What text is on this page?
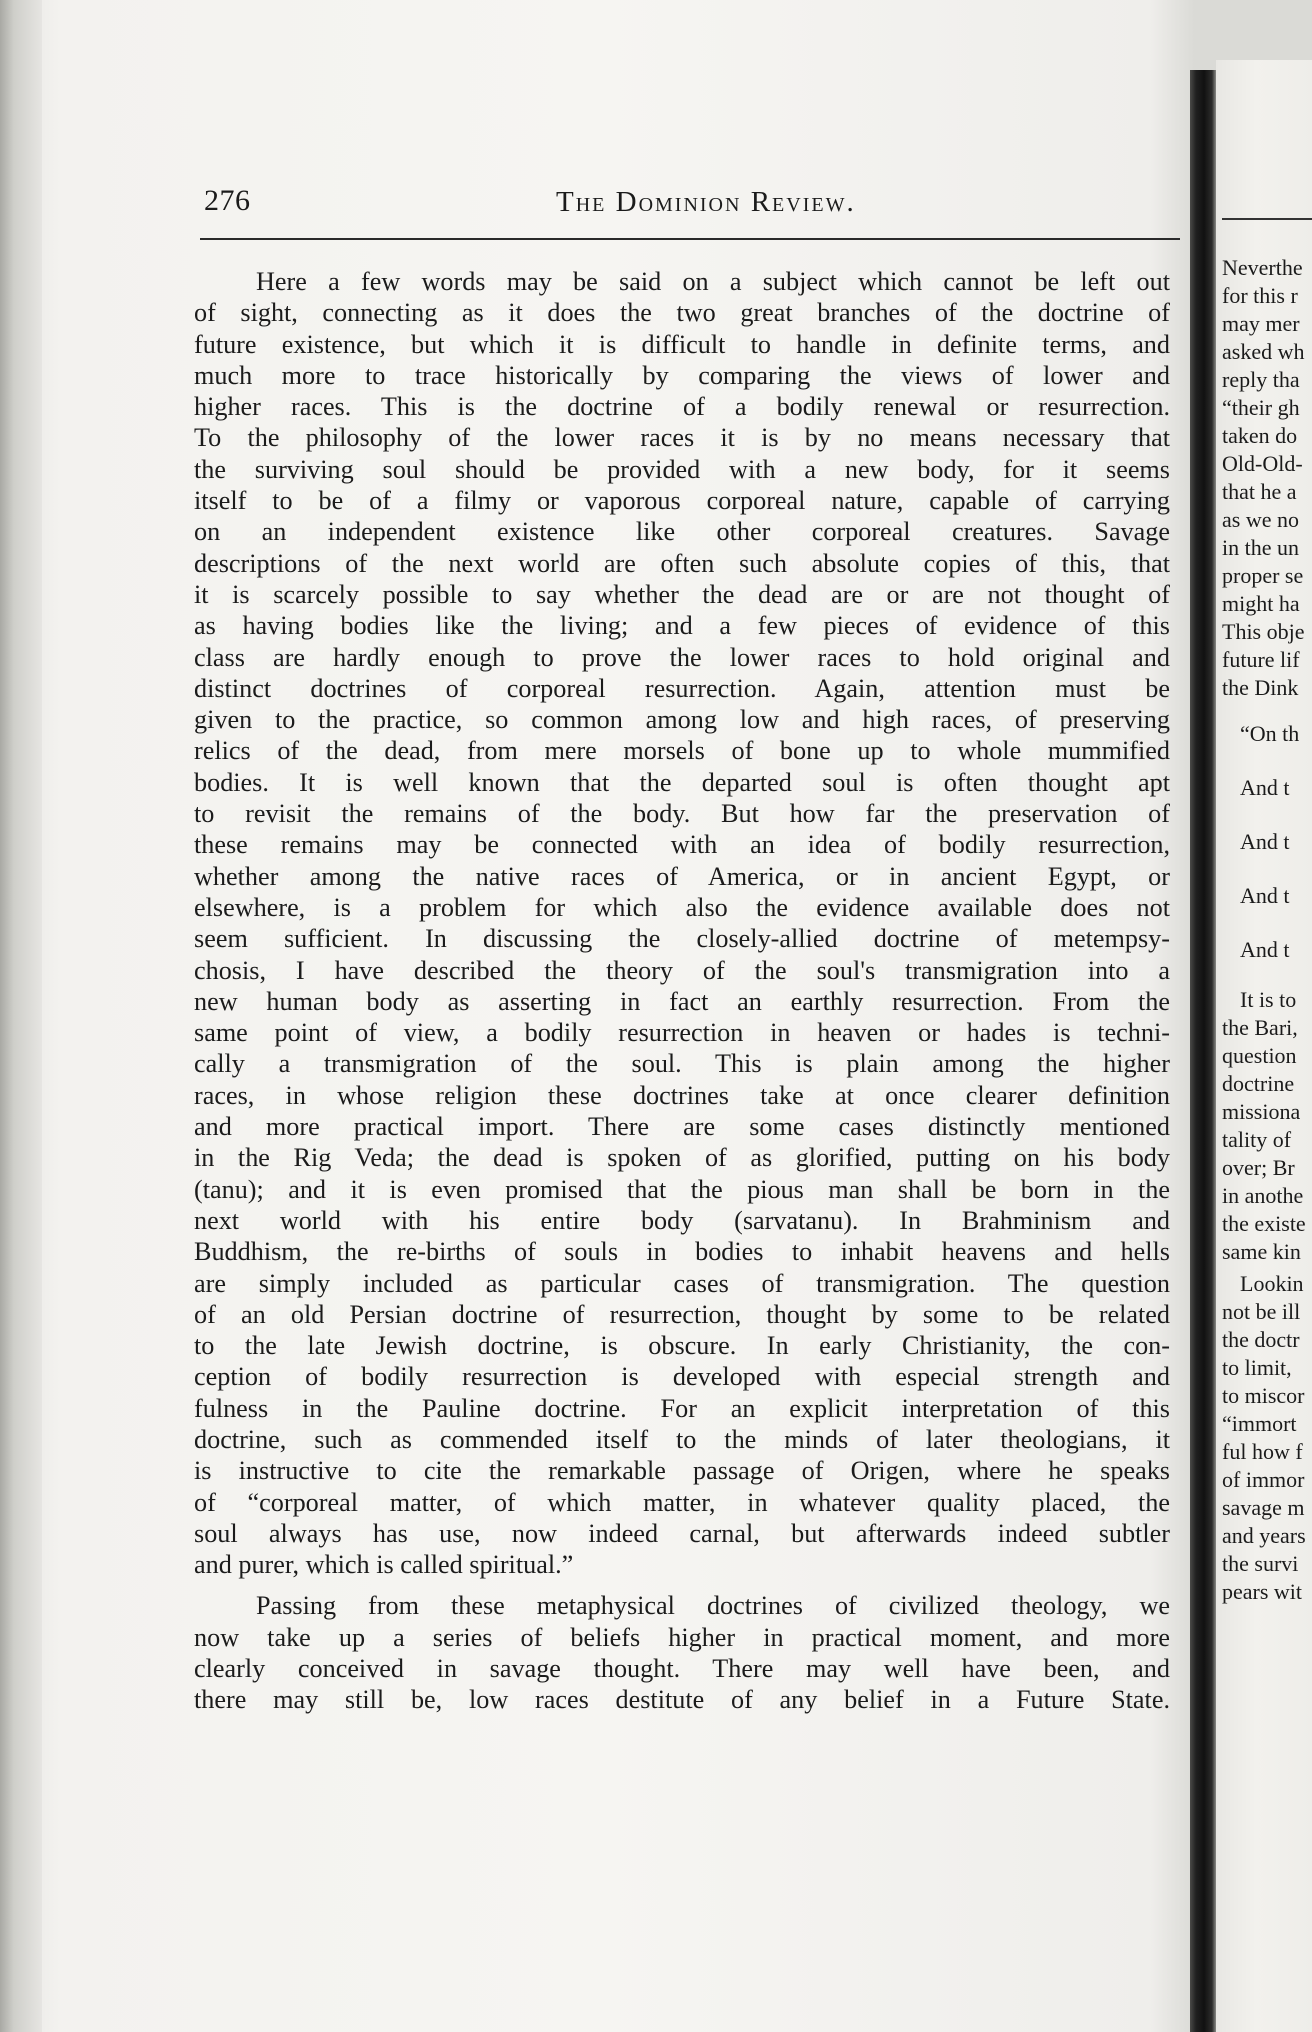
276	The Dominion Review.
Here a few words may be said on a subject which cannot be left out
of sight, connecting as it does the two great branches of the doctrine of
future existence, but which it is difficult to handle in definite terms, and
much more to trace historically by comparing the views of lower and
higher races. This is the doctrine of a bodily renewal or resurrection.
To the philosophy of the lower races it is by no means necessary that
the surviving soul should be provided with a new body, for it seems
itself to be of a filmy or vaporous corporeal nature, capable of carrying
on an independent existence like other corporeal creatures. Savage
descriptions of the next world are often such absolute copies of this, that
it is scarcely possible to say whether the dead are or are not thought of
as having bodies like the living; and a few pieces of evidence of this
class are hardly enough to prove the lower races to hold original and
distinct doctrines of corporeal resurrection. Again, attention must be
given to the practice, so common among low and high races, of preserving
relics of the dead, from mere morsels of bone up to whole mummified
bodies. It is well known that the departed soul is often thought apt
to revisit the remains of the body. But how far the preservation of
these remains may be connected with an idea of bodily resurrection,
whether among the native races of America, or in ancient Egypt, or
elsewhere, is a problem for which also the evidence available does not
seem sufficient. In discussing the closely-allied doctrine of metempsy-
chosis, I have described the theory of the soul's transmigration into a
new human body as asserting in fact an earthly resurrection. From the
same point of view, a bodily resurrection in heaven or hades is techni-
cally a transmigration of the soul. This is plain among the higher
races, in whose religion these doctrines take at once clearer definition
and more practical import. There are some cases distinctly mentioned
in the Rig Veda; the dead is spoken of as glorified, putting on his body
(tanu); and it is even promised that the pious man shall be born in the
next world with his entire body (sarvatanu). In Brahminism and
Buddhism, the re-births of souls in bodies to inhabit heavens and hells
are simply included as particular cases of transmigration. The question
of an old Persian doctrine of resurrection, thought by some to be related
to the late Jewish doctrine, is obscure. In early Christianity, the con-
ception of bodily resurrection is developed with especial strength and
fulness in the Pauline doctrine. For an explicit interpretation of this
doctrine, such as commended itself to the minds of later theologians, it
is instructive to cite the remarkable passage of Origen, where he speaks
of “corporeal matter, of which matter, in whatever quality placed, the
soul always has use, now indeed carnal, but afterwards indeed subtler
and purer, which is called spiritual.”
Passing from these metaphysical doctrines of civilized theology, we
now take up a series of beliefs higher in practical moment, and more
clearly conceived in savage thought. There may well have been, and
there may still be, low races destitute of any belief in a Future State.
Neverthe
for this r
may mer
asked wh
reply tha
“their gh
taken do
Old-Old-
that he a
as we no
in the un
proper se
might ha
This obje
future lif
the Dink
“On th
And t
And t
And t
And t
It is to
the Bari,
question
doctrine
missiona
tality of
over; Br
in anothe
the existe
same kin
Lookin
not be ill
the doctr
to limit,
to miscor
“immort
ful how f
of immor
savage m
and years
the survi
pears wit
